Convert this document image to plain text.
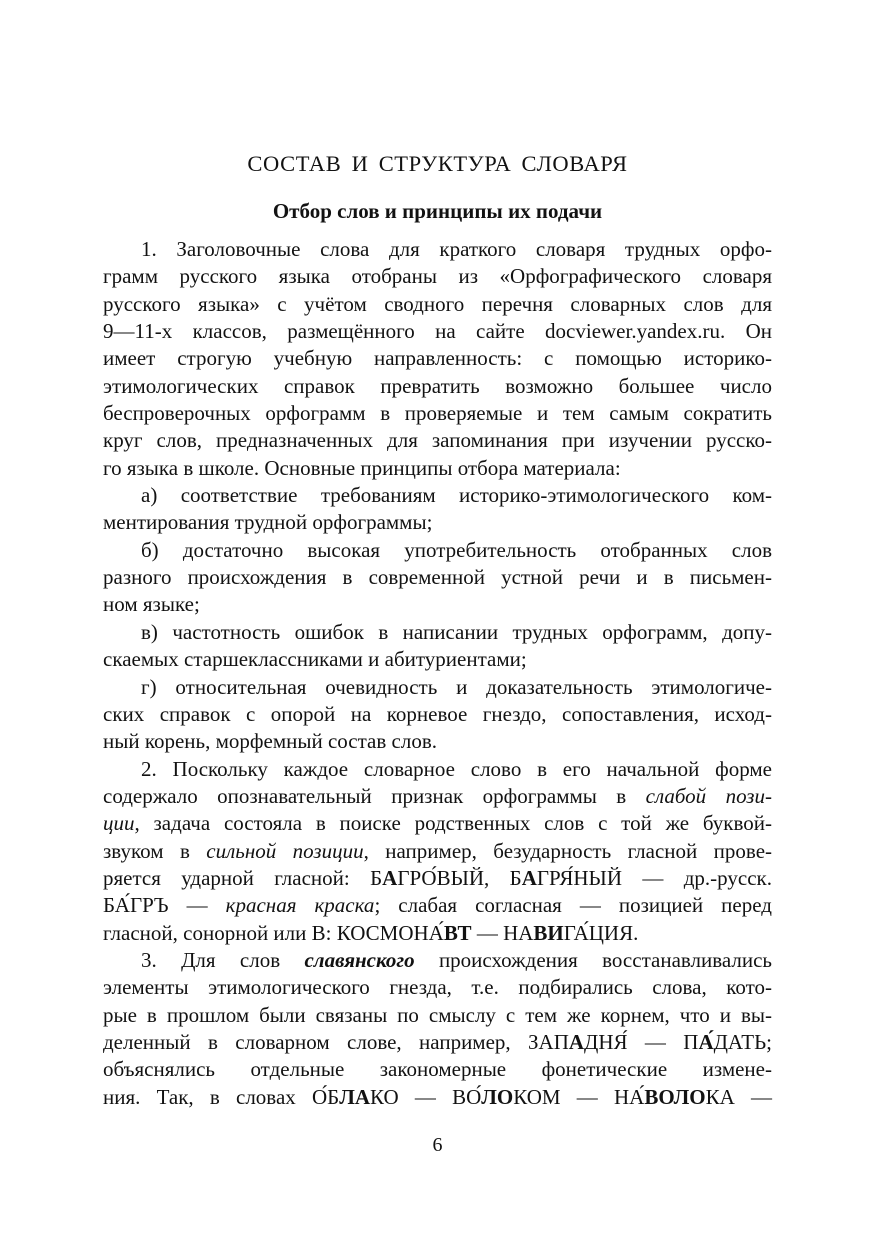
СОСТАВ И СТРУКТУРА СЛОВАРЯ
Отбор слов и принципы их подачи
1. Заголовочные слова для краткого словаря трудных орфо-
грамм русского языка отобраны из «Орфографического словаря
русского языка» с учётом сводного перечня словарных слов для
9—11-х классов, размещённого на сайте docviewer.yandex.ru. Он
имеет строгую учебную направленность: с помощью историко-
этимологических справок превратить возможно большее число
беспроверочных орфограмм в проверяемые и тем самым сократить
круг слов, предназначенных для запоминания при изучении русско-
го языка в школе. Основные принципы отбора материала:
а) соответствие требованиям историко-этимологического ком-
ментирования трудной орфограммы;
б) достаточно высокая употребительность отобранных слов
разного происхождения в современной устной речи и в письмен-
ном языке;
в) частотность ошибок в написании трудных орфограмм, допу-
скаемых старшеклассниками и абитуриентами;
г) относительная очевидность и доказательность этимологиче-
ских справок с опорой на корневое гнездо, сопоставления, исход-
ный корень, морфемный состав слов.
2. Поскольку каждое словарное слово в его начальной форме
содержало опознавательный признак орфограммы в слабой пози-
ции, задача состояла в поиске родственных слов с той же буквой-
звуком в сильной позиции, например, безударность гласной прове-
ряется ударной гласной: БАГРО́ВЫЙ, БАГРЯ́НЫЙ — др.-русск.
БА́ГРЪ — красная краска; слабая согласная — позицией перед
гласной, сонорной или В: КОСМОНА́ВТ — НАВИГА́ЦИЯ.
3. Для слов славянского происхождения восстанавливались
элементы этимологического гнезда, т.е. подбирались слова, кото-
рые в прошлом были связаны по смыслу с тем же корнем, что и вы-
деленный в словарном слове, например, ЗАПАДНЯ́ — ПА́ДАТЬ;
объяснялись отдельные закономерные фонетические измене-
ния. Так, в словах О́БЛАКО — ВО́ЛОКОМ — НА́ВОЛОКА —
6
